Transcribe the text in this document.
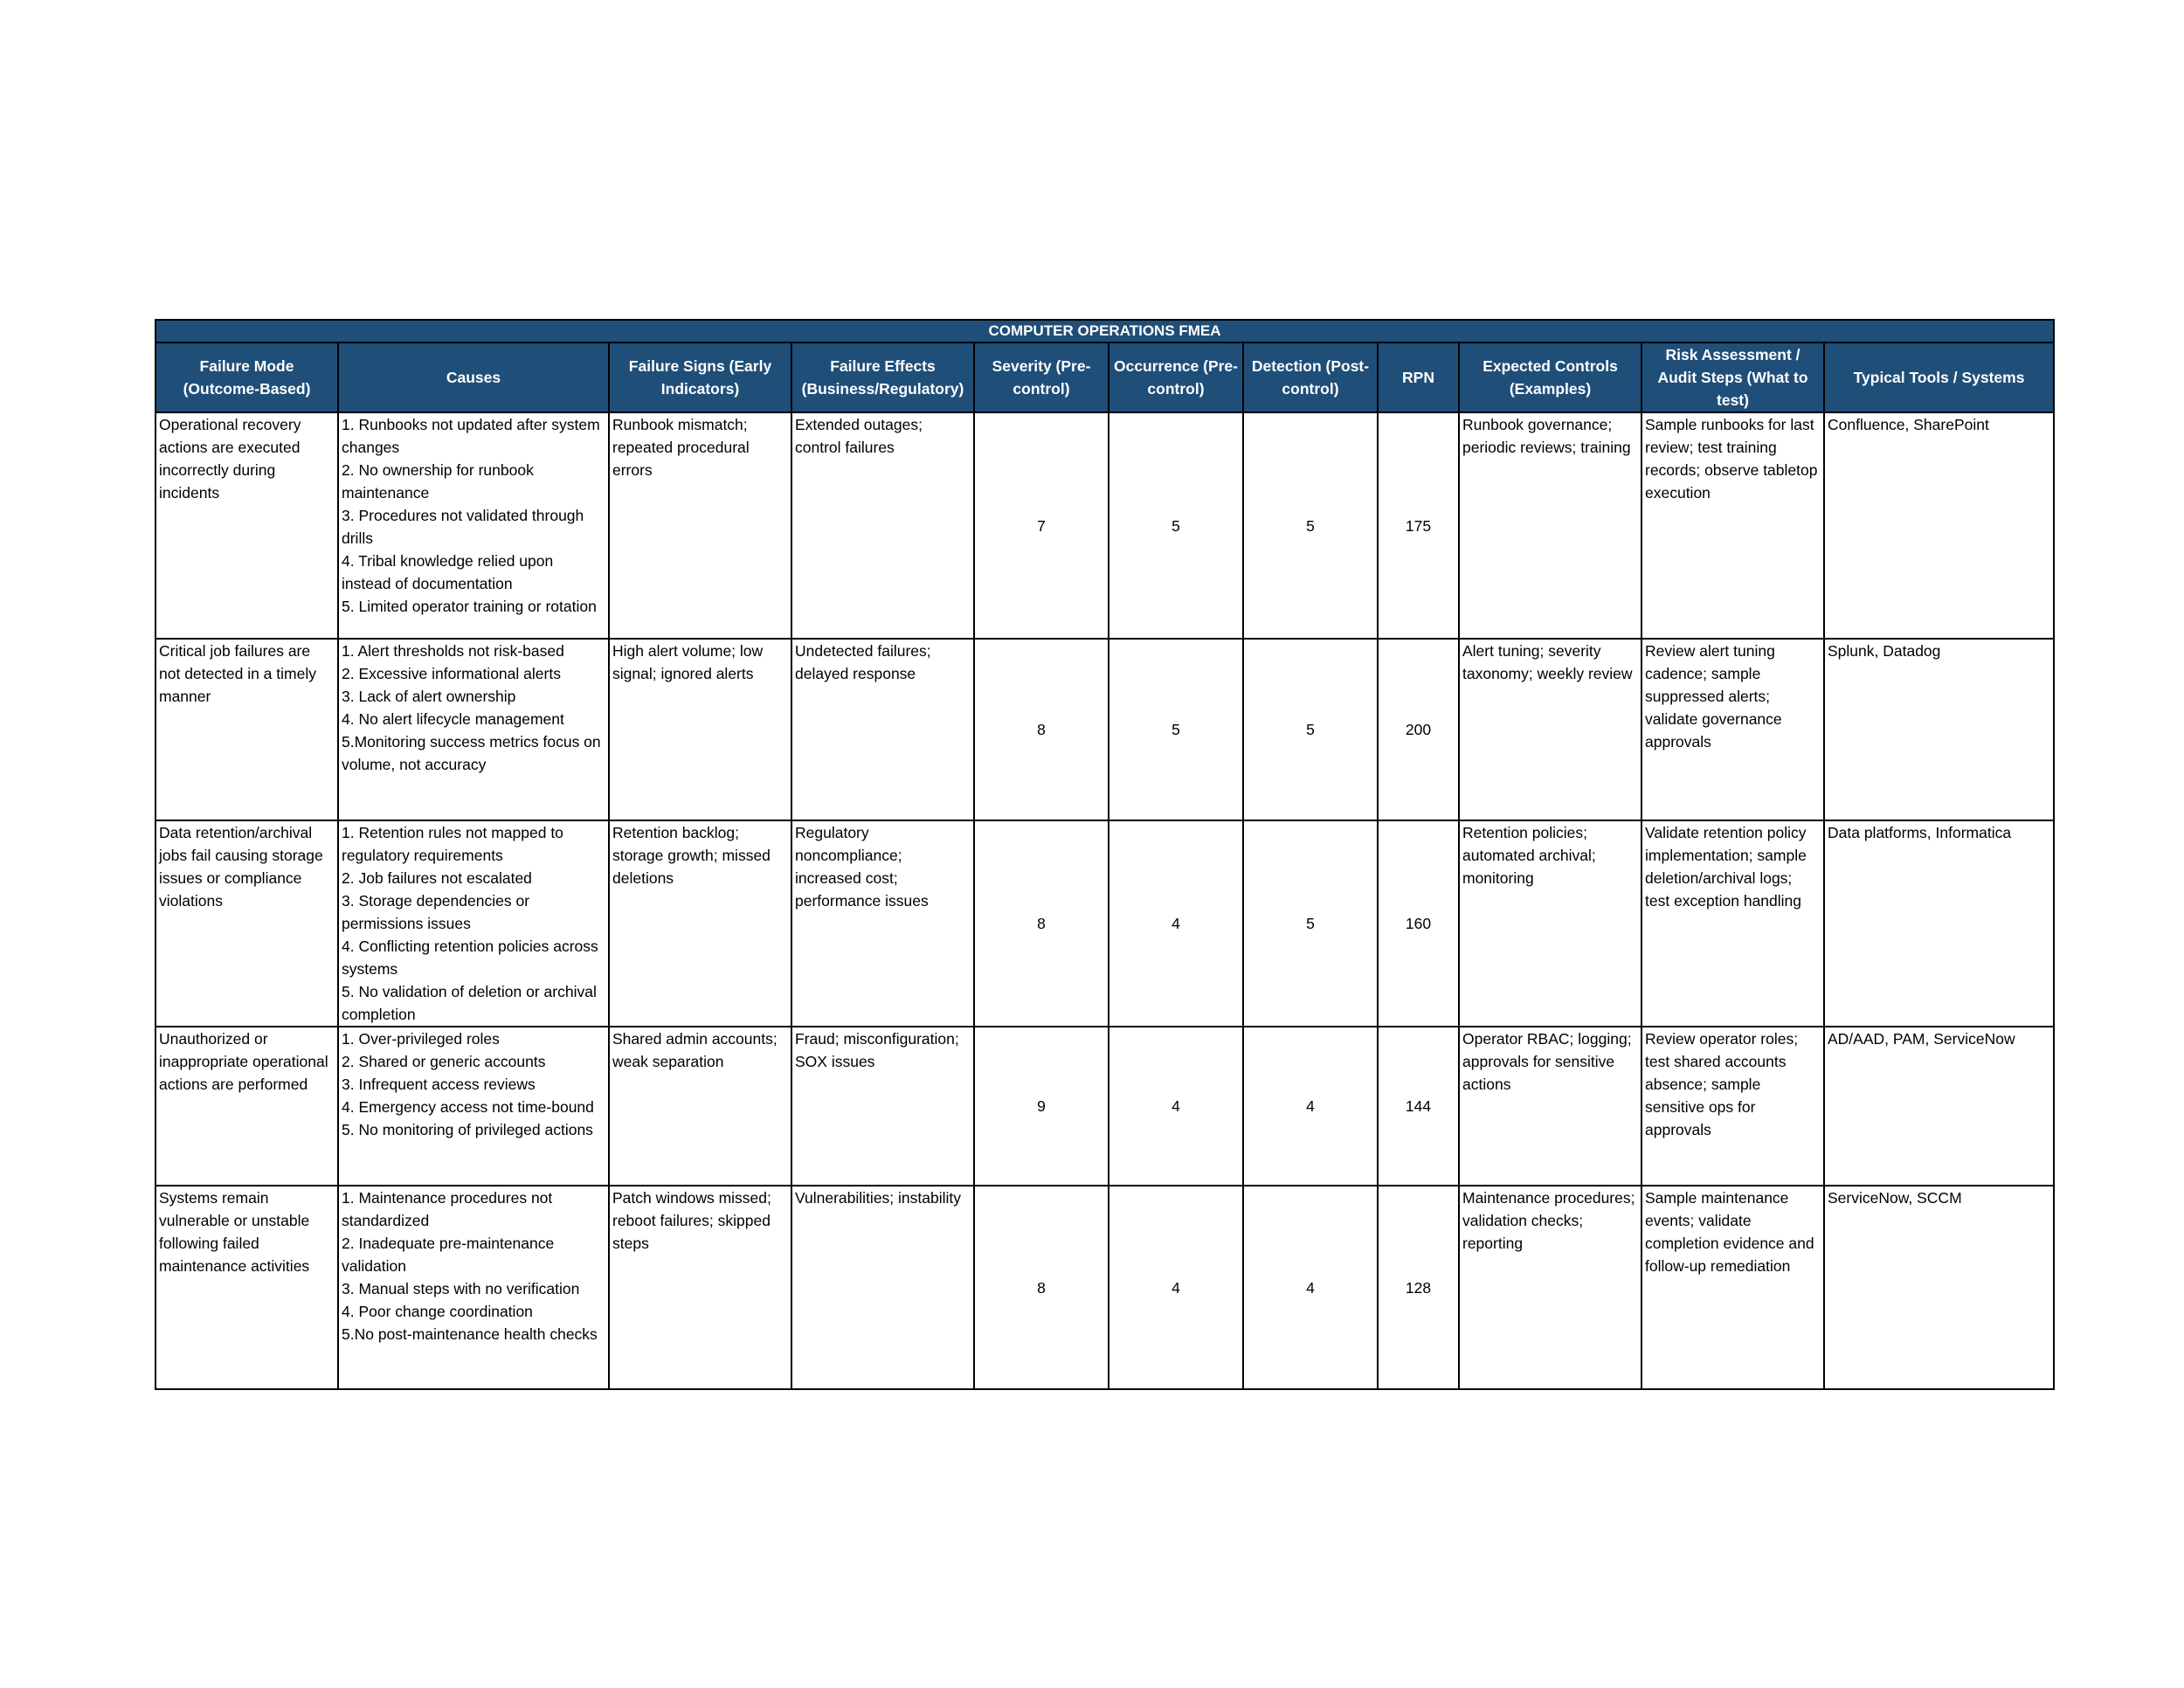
COMPUTER OPERATIONS FMEA										
Failure Mode (Outcome-Based)	Causes	Failure Signs (Early Indicators)	Failure Effects (Business/Regulatory)	Severity (Pre-control)	Occurrence (Pre-control)	Detection (Post-control)	RPN	Expected Controls (Examples)	Risk Assessment / Audit Steps (What to test)	Typical Tools / Systems
Operational recovery actions are executed incorrectly during incidents	1. Runbooks not updated after system changes
2. No ownership for runbook maintenance
3. Procedures not validated through drills
4. Tribal knowledge relied upon instead of documentation
5. Limited operator training or rotation	Runbook mismatch; repeated procedural errors	Extended outages; control failures	7	5	5	175	Runbook governance; periodic reviews; training	Sample runbooks for last review; test training records; observe tabletop execution	Confluence, SharePoint
Critical job failures are not detected in a timely manner	1. Alert thresholds not risk-based
2. Excessive informational alerts
3. Lack of alert ownership
4. No alert lifecycle management
5.Monitoring success metrics focus on volume, not accuracy	High alert volume; low signal; ignored alerts	Undetected failures; delayed response	8	5	5	200	Alert tuning; severity taxonomy; weekly review	Review alert tuning cadence; sample suppressed alerts; validate governance approvals	Splunk, Datadog
Data retention/archival jobs fail causing storage issues or compliance violations	1. Retention rules not mapped to regulatory requirements
2. Job failures not escalated
3. Storage dependencies or permissions issues
4. Conflicting retention policies across systems
5. No validation of deletion or archival completion	Retention backlog; storage growth; missed deletions	Regulatory noncompliance; increased cost; performance issues	8	4	5	160	Retention policies; automated archival; monitoring	Validate retention policy implementation; sample deletion/archival logs; test exception handling	Data platforms, Informatica
Unauthorized or inappropriate operational actions are performed	1. Over-privileged roles
2. Shared or generic accounts
3. Infrequent access reviews
4. Emergency access not time-bound
5. No monitoring of privileged actions	Shared admin accounts; weak separation	Fraud; misconfiguration; SOX issues	9	4	4	144	Operator RBAC; logging; approvals for sensitive actions	Review operator roles; test shared accounts absence; sample sensitive ops for approvals	AD/AAD, PAM, ServiceNow
Systems remain vulnerable or unstable following failed maintenance activities	1. Maintenance procedures not standardized
2. Inadequate pre-maintenance validation
3. Manual steps with no verification
4. Poor change coordination
5.No post-maintenance health checks	Patch windows missed; reboot failures; skipped steps	Vulnerabilities; instability	8	4	4	128	Maintenance procedures; validation checks; reporting	Sample maintenance events; validate completion evidence and follow-up remediation	ServiceNow, SCCM
